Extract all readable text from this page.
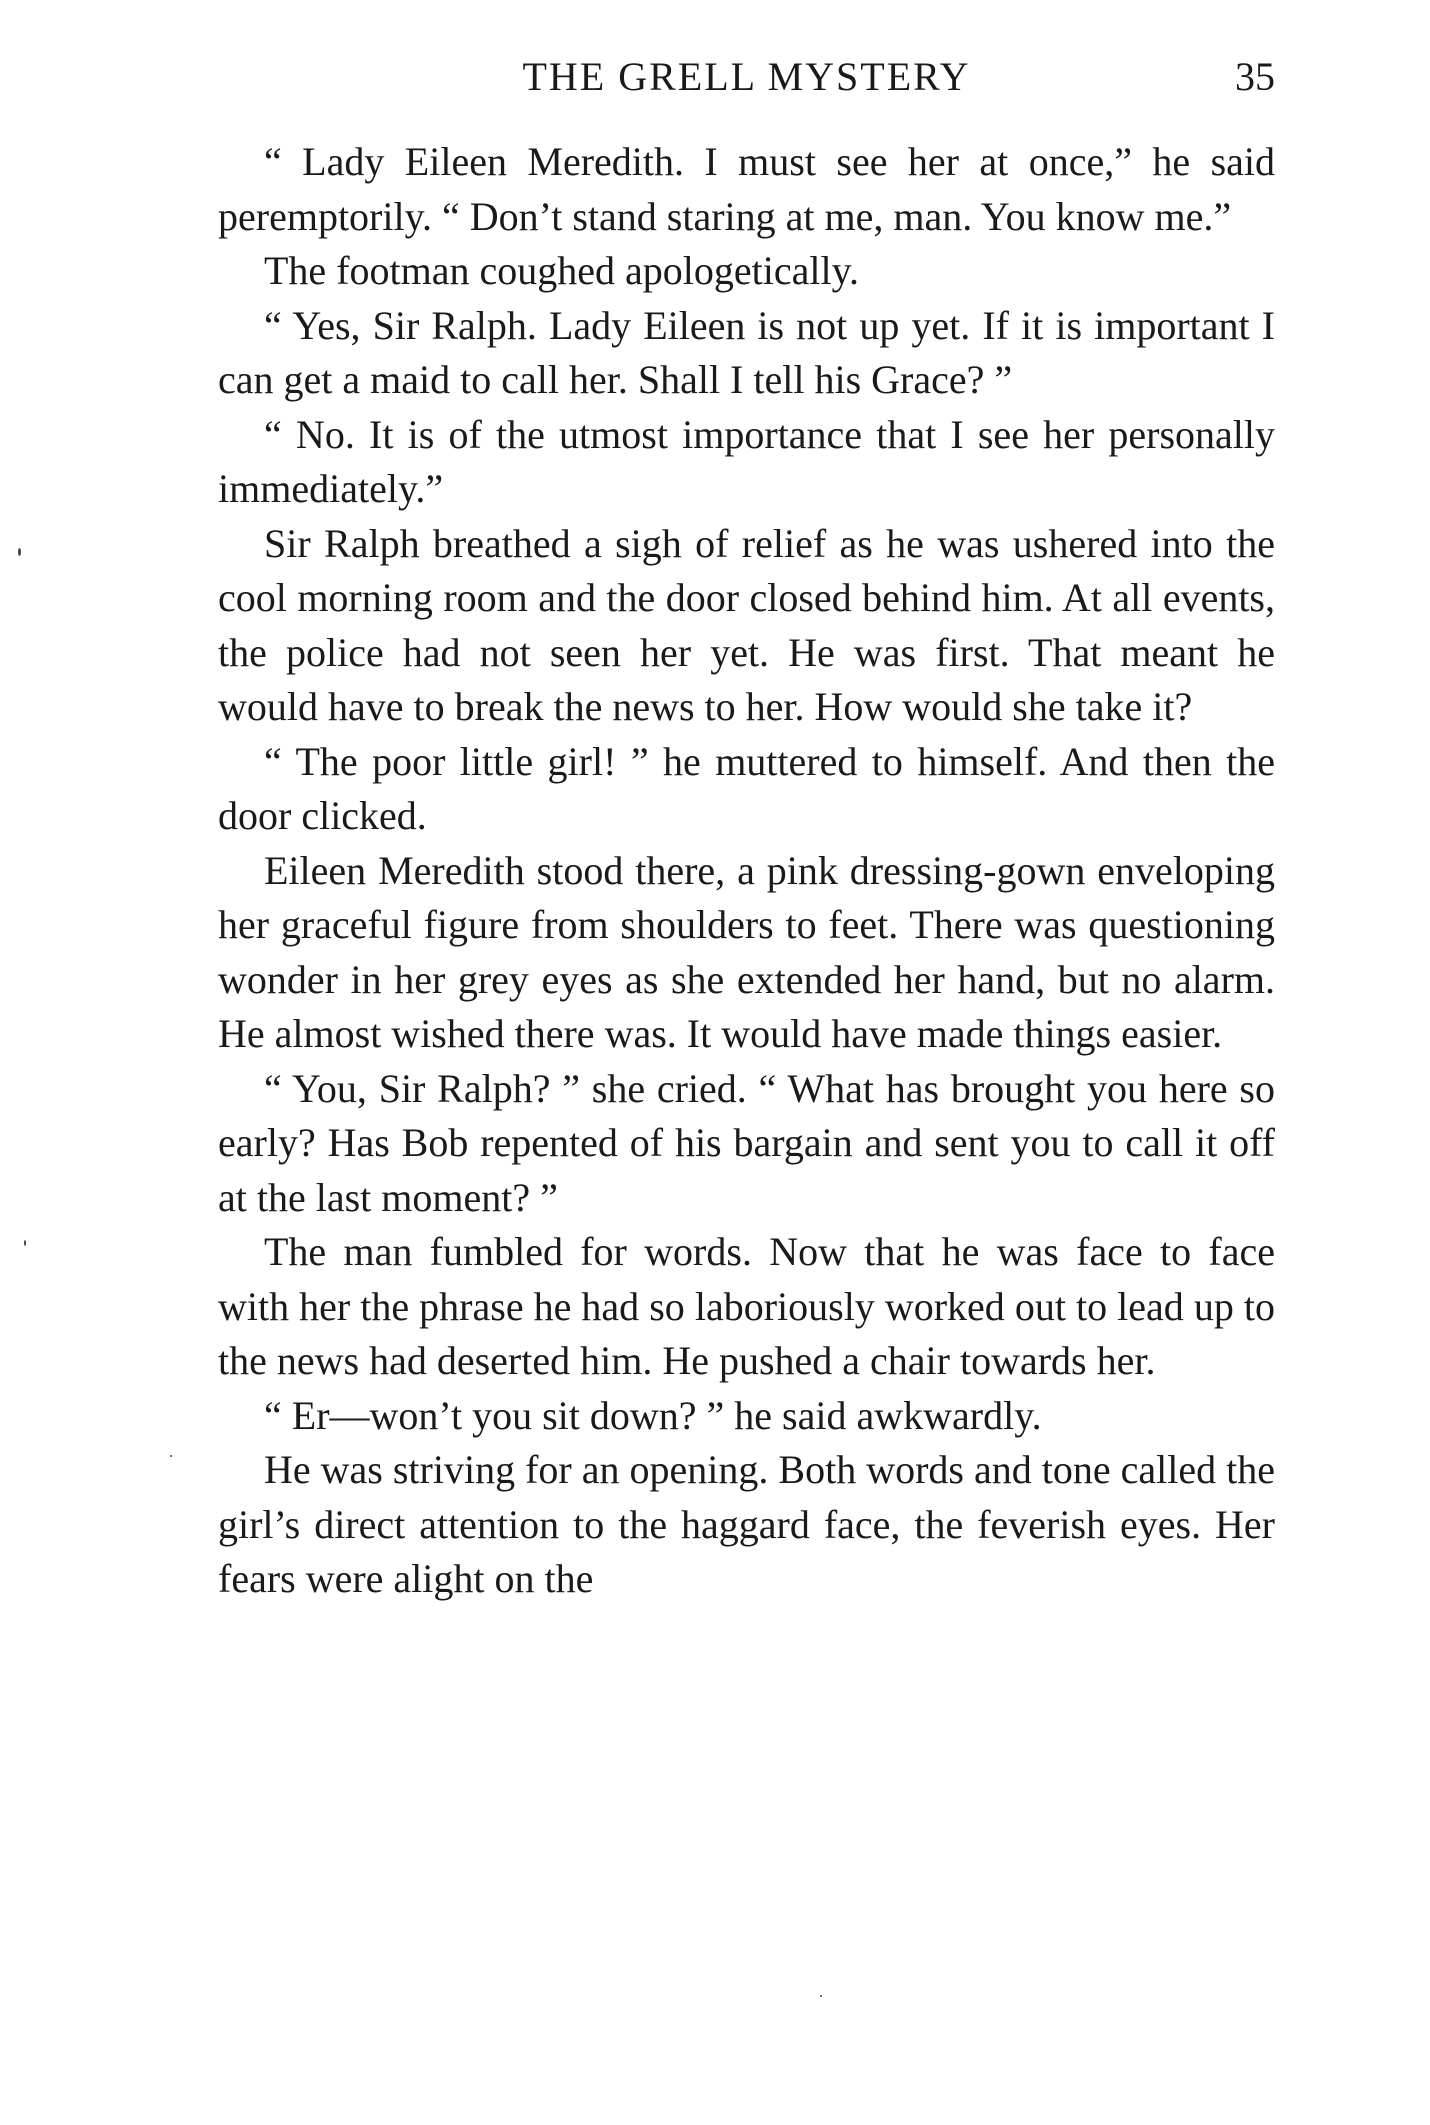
THE GRELL MYSTERY	35

“ Lady Eileen Meredith. I must see her at once,” he said peremptorily. “ Don’t stand staring at me, man. You know me.”

The footman coughed apologetically.

“ Yes, Sir Ralph. Lady Eileen is not up yet. If it is important I can get a maid to call her. Shall I tell his Grace? ”

“ No. It is of the utmost importance that I see her personally immediately.”

Sir Ralph breathed a sigh of relief as he was ushered into the cool morning room and the door closed behind him. At all events, the police had not seen her yet. He was first. That meant he would have to break the news to her. How would she take it?

“ The poor little girl! ” he muttered to himself. And then the door clicked.

Eileen Meredith stood there, a pink dressing-gown enveloping her graceful figure from shoulders to feet. There was questioning wonder in her grey eyes as she extended her hand, but no alarm. He almost wished there was. It would have made things easier.

“ You, Sir Ralph? ” she cried. “ What has brought you here so early? Has Bob repented of his bargain and sent you to call it off at the last moment? ”

The man fumbled for words. Now that he was face to face with her the phrase he had so laboriously worked out to lead up to the news had deserted him. He pushed a chair towards her.

“ Er—won’t you sit down? ” he said awkwardly.

He was striving for an opening. Both words and tone called the girl’s direct attention to the haggard face, the feverish eyes. Her fears were alight on the
